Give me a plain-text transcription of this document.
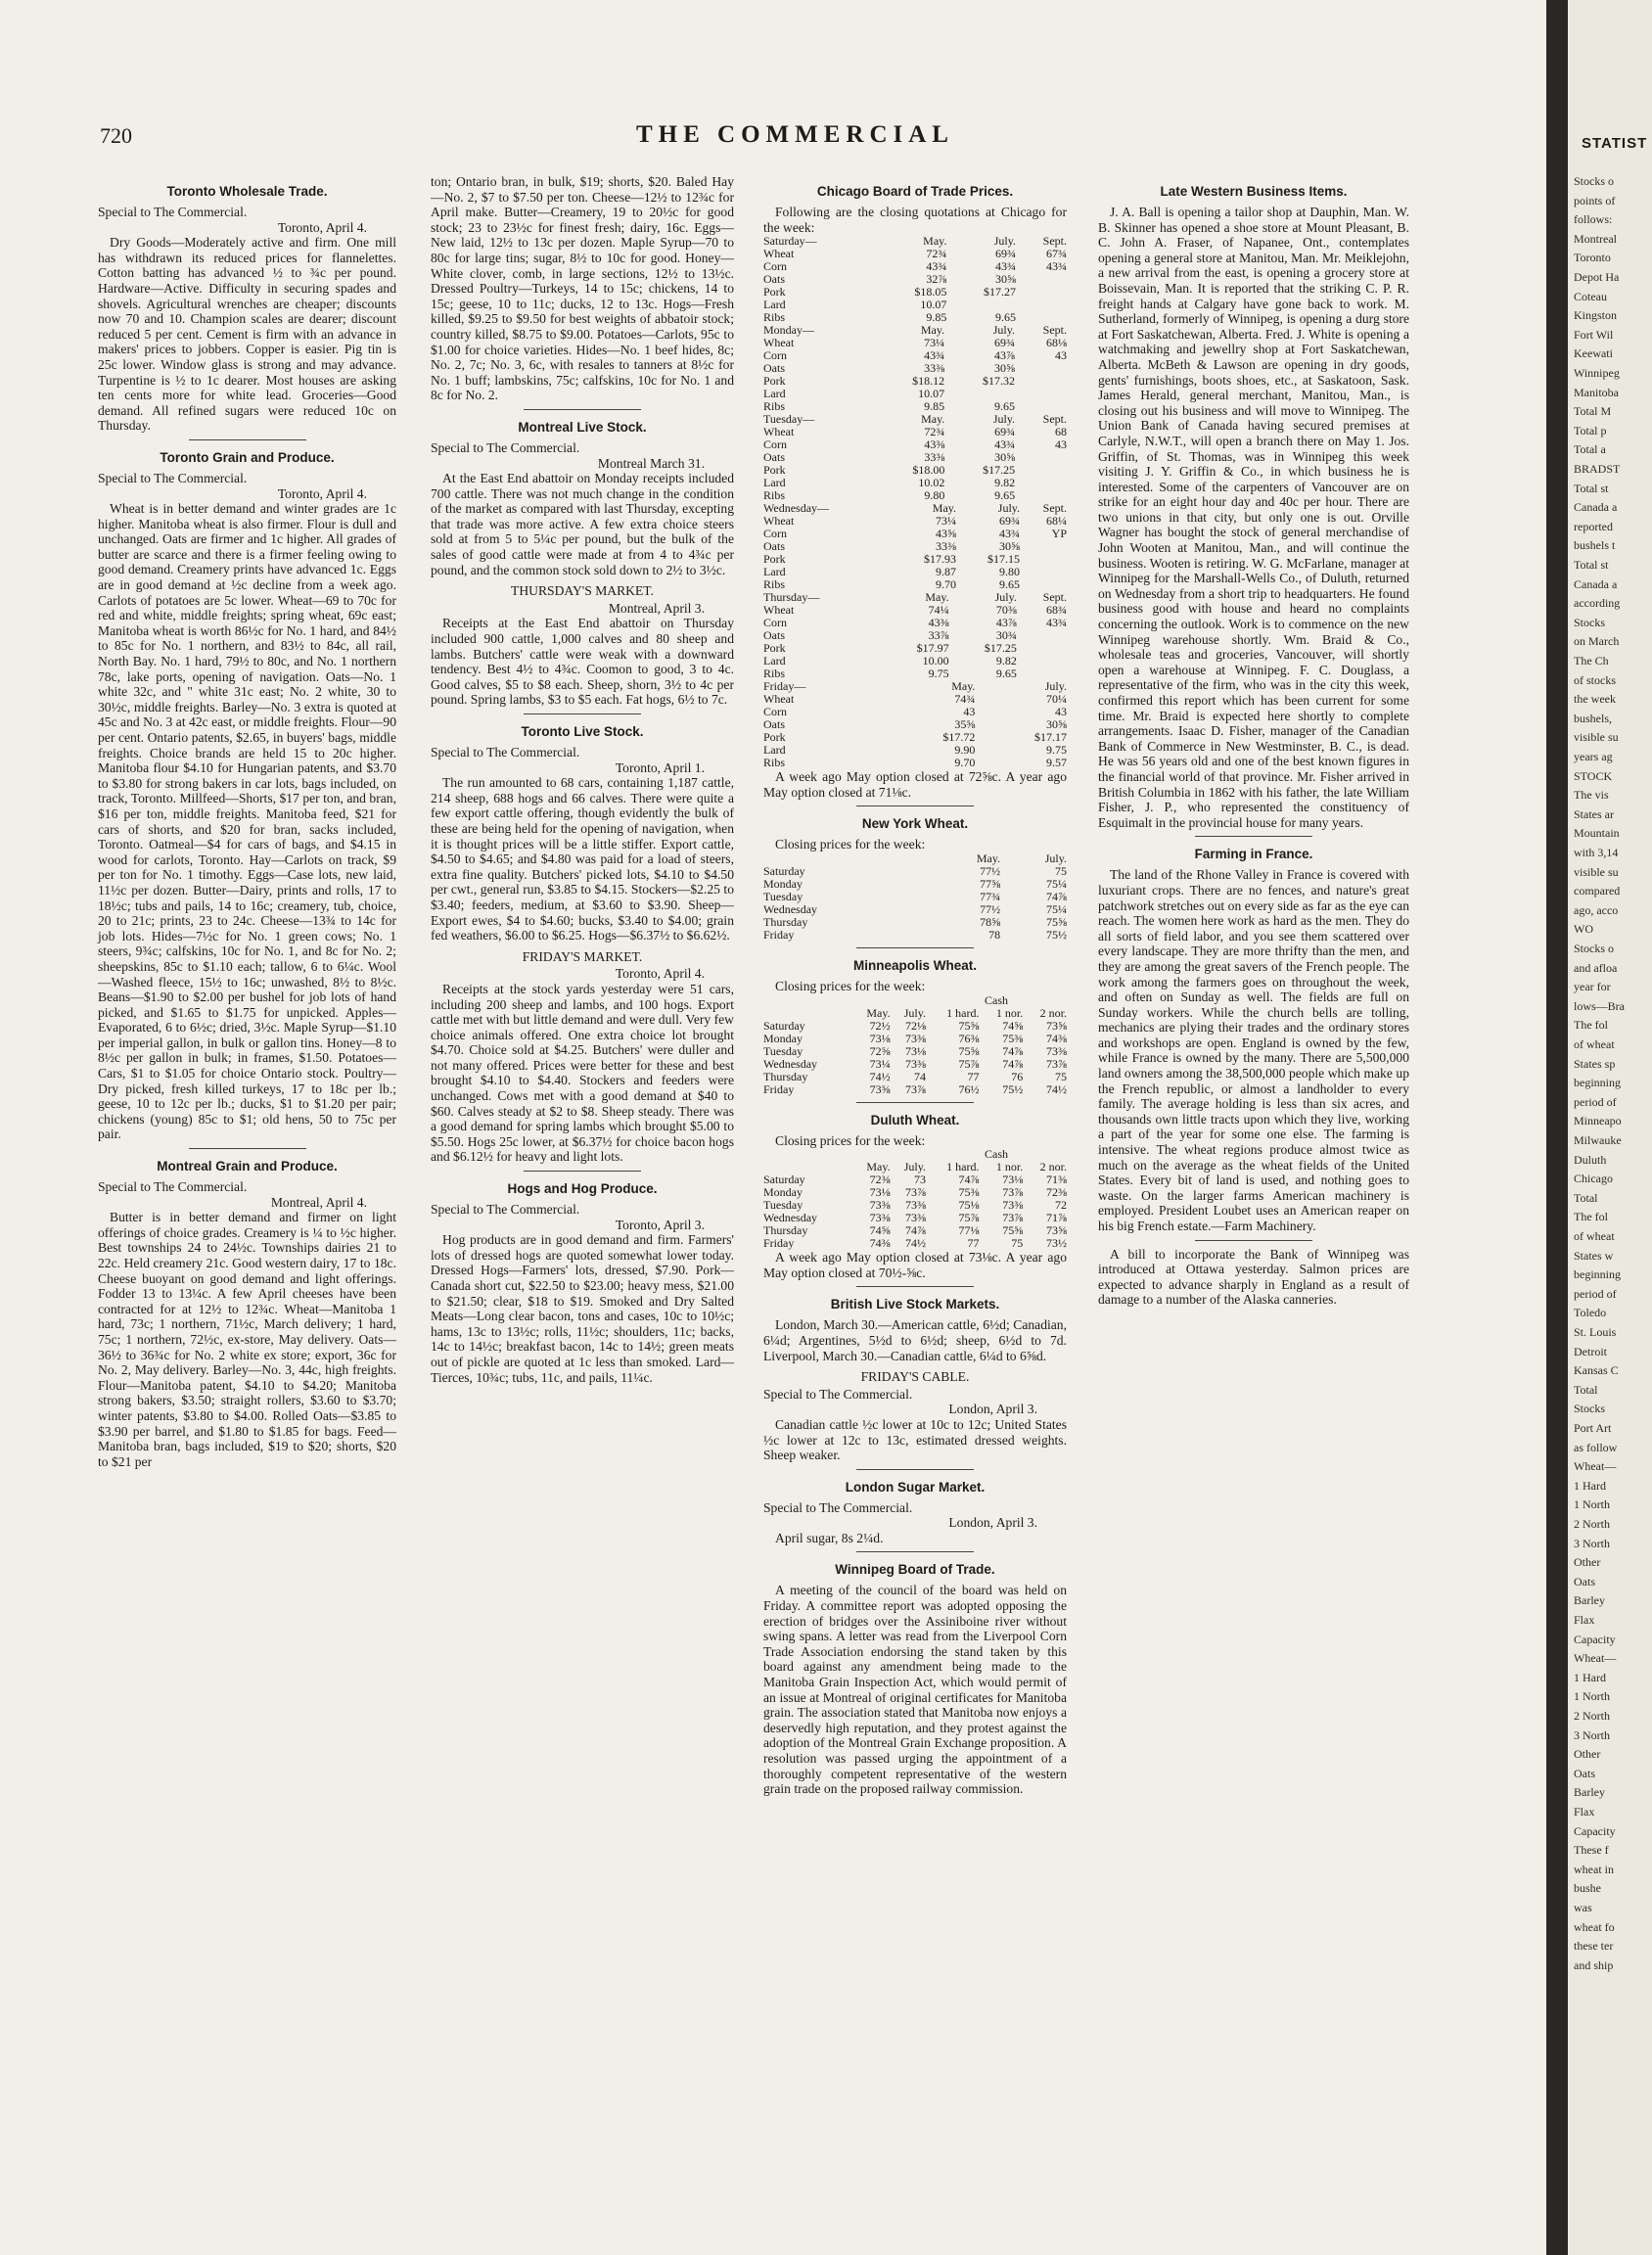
720	THE COMMERCIAL
Toronto Wholesale Trade.

Special to The Commercial.

Toronto, April 4.

Dry Goods—Moderately active and firm. One mill has withdrawn its reduced prices for flannelettes. Cotton batting has advanced ½ to ¾c per pound. Hardware—Active. Difficulty in securing spades and shovels. Agricultural wrenches are cheaper; discounts now 70 and 10. Champion scales are dearer; discount reduced 5 per cent. Cement is firm with an advance in makers' prices to jobbers. Copper is easier. Pig tin is 25c lower. Window glass is strong and may advance. Turpentine is ½ to 1c dearer. Most houses are asking ten cents more for white lead. Groceries—Good demand. All refined sugars were reduced 10c on Thursday.

Toronto Grain and Produce.

Special to The Commercial.

Toronto, April 4.

Wheat is in better demand and winter grades are 1c higher. Manitoba wheat is also firmer. Flour is dull and unchanged. Oats are firmer and 1c higher. All grades of butter are scarce and there is a firmer feeling owing to good demand. Creamery prints have advanced 1c. Eggs are in good demand at ½c decline from a week ago. Carlots of potatoes are 5c lower. Wheat—69 to 70c for red and white, middle freights; spring wheat, 69c east; Manitoba wheat is worth 86½c for No. 1 hard, and 84½ to 85c for No. 1 northern, and 83½ to 84c, all rail, North Bay. No. 1 hard, 79½ to 80c, and No. 1 northern 78c, lake ports, opening of navigation. Oats—No. 1 white 32c, and " white 31c east; No. 2 white, 30 to 30½c, middle freights. Barley—No. 3 extra is quoted at 45c and No. 3 at 42c east, or middle freights. Flour—90 per cent. Ontario patents, $2.65, in buyers' bags, middle freights. Choice brands are held 15 to 20c higher. Manitoba flour $4.10 for Hungarian patents, and $3.70 to $3.80 for strong bakers in car lots, bags included, on track, Toronto. Millfeed—Shorts, $17 per ton, and bran, $16 per ton, middle freights. Manitoba feed, $21 for cars of shorts, and $20 for bran, sacks included, Toronto. Oatmeal—$4 for cars of bags, and $4.15 in wood for carlots, Toronto. Hay—Carlots on track, $9 per ton for No. 1 timothy. Eggs—Case lots, new laid, 11½c per dozen. Butter—Dairy, prints and rolls, 17 to 18½c; tubs and pails, 14 to 16c; creamery, tub, choice, 20 to 21c; prints, 23 to 24c. Cheese—13¾ to 14c for job lots. Hides—7½c for No. 1 green cows; No. 1 steers, 9¾c; calfskins, 10c for No. 1, and 8c for No. 2; sheepskins, 85c to $1.10 each; tallow, 6 to 6¼c. Wool—Washed fleece, 15½ to 16c; unwashed, 8½ to 8½c. Beans—$1.90 to $2.00 per bushel for job lots of hand picked, and $1.65 to $1.75 for unpicked. Apples—Evaporated, 6 to 6½c; dried, 3½c. Maple Syrup—$1.10 per imperial gallon, in bulk or gallon tins. Honey—8 to 8½c per gallon in bulk; in frames, $1.50. Potatoes—Cars, $1 to $1.05 for choice Ontario stock. Poultry—Dry picked, fresh killed turkeys, 17 to 18c per lb.; geese, 10 to 12c per lb.; ducks, $1 to $1.20 per pair; chickens (young) 85c to $1; old hens, 50 to 75c per pair.

Montreal Grain and Produce.

Special to The Commercial.

Montreal, April 4.

Butter is in better demand and firmer on light offerings of choice grades. Creamery is ¼ to ½c higher. Best townships 24 to 24½c. Townships dairies 21 to 22c. Held creamery 21c. Good western dairy, 17 to 18c. Cheese buoyant on good demand and light offerings. Fodder 13 to 13¼c. A few April cheeses have been contracted for at 12½ to 12¾c. Wheat—Manitoba 1 hard, 73c; 1 northern, 71½c, March delivery; 1 hard, 75c; 1 northern, 72½c, ex-store, May delivery. Oats—36½ to 36¾c for No. 2 white ex store; export, 36c for No. 2, May delivery. Barley—No. 3, 44c, high freights. Flour—Manitoba patent, $4.10 to $4.20; Manitoba strong bakers, $3.50; straight rollers, $3.60 to $3.70; winter patents, $3.80 to $4.00. Rolled Oats—$3.85 to $3.90 per barrel, and $1.80 to $1.85 for bags. Feed—Manitoba bran, bags included, $19 to $20; shorts, $20 to $21 per

ton; Ontario bran, in bulk, $19; shorts, $20. Baled Hay—No. 2, $7 to $7.50 per ton. Cheese—12½ to 12¾c for April make. Butter—Creamery, 19 to 20½c for good stock; 23 to 23½c for finest fresh; dairy, 16c. Eggs—New laid, 12½ to 13c per dozen. Maple Syrup—70 to 80c for large tins; sugar, 8½ to 10c for good. Honey—White clover, comb, in large sections, 12½ to 13½c. Dressed Poultry—Turkeys, 14 to 15c; chickens, 14 to 15c; geese, 10 to 11c; ducks, 12 to 13c. Hogs—Fresh killed, $9.25 to $9.50 for best weights of abbatoir stock; country killed, $8.75 to $9.00. Potatoes—Carlots, 95c to $1.00 for choice varieties. Hides—No. 1 beef hides, 8c; No. 2, 7c; No. 3, 6c, with resales to tanners at 8½c for No. 1 buff; lambskins, 75c; calfskins, 10c for No. 1 and 8c for No. 2.

Montreal Live Stock.

Special to The Commercial.

Montreal March 31.

At the East End abattoir on Monday receipts included 700 cattle. There was not much change in the condition of the market as compared with last Thursday, excepting that trade was more active. A few extra choice steers sold at from 5 to 5¼c per pound, but the bulk of the sales of good cattle were made at from 4 to 4¾c per pound, and the common stock sold down to 2½ to 3½c.

THURSDAY'S MARKET.

Montreal, April 3.

Receipts at the East End abattoir on Thursday included 900 cattle, 1,000 calves and 80 sheep and lambs. Butchers' cattle were weak with a downward tendency. Best 4½ to 4¾c. Coomon to good, 3 to 4c. Good calves, $5 to $8 each. Sheep, shorn, 3½ to 4c per pound. Spring lambs, $3 to $5 each. Fat hogs, 6½ to 7c.

Toronto Live Stock.

Special to The Commercial.

Toronto, April 1.

The run amounted to 68 cars, containing 1,187 cattle, 214 sheep, 688 hogs and 66 calves. There were quite a few export cattle offering, though evidently the bulk of these are being held for the opening of navigation, when it is thought prices will be a little stiffer. Export cattle, $4.50 to $4.65; and $4.80 was paid for a load of steers, extra fine quality. Butchers' picked lots, $4.10 to $4.50 per cwt., general run, $3.85 to $4.15. Stockers—$2.25 to $3.40; feeders, medium, at $3.60 to $3.90. Sheep—Export ewes, $4 to $4.60; bucks, $3.40 to $4.00; grain fed weathers, $6.00 to $6.25. Hogs—$6.37½ to $6.62½.

FRIDAY'S MARKET.

Toronto, April 4.

Receipts at the stock yards yesterday were 51 cars, including 200 sheep and lambs, and 100 hogs. Export cattle met with but little demand and were dull. Very few choice animals offered. One extra choice lot brought $4.70. Choice sold at $4.25. Butchers' were duller and not many offered. Prices were better for these and best brought $4.10 to $4.40. Stockers and feeders were unchanged. Cows met with a good demand at $40 to $60. Calves steady at $2 to $8. Sheep steady. There was a good demand for spring lambs which brought $5.00 to $5.50. Hogs 25c lower, at $6.37½ for choice bacon hogs and $6.12½ for heavy and light lots.

Hogs and Hog Produce.

Special to The Commercial.

Toronto, April 3.

Hog products are in good demand and firm. Farmers' lots of dressed hogs are quoted somewhat lower today. Dressed Hogs—Farmers' lots, dressed, $7.90. Pork—Canada short cut, $22.50 to $23.00; heavy mess, $21.00 to $21.50; clear, $18 to $19. Smoked and Dry Salted Meats—Long clear bacon, tons and cases, 10c to 10½c; hams, 13c to 13½c; rolls, 11½c; shoulders, 11c; backs, 14c to 14½c; breakfast bacon, 14c to 14½; green meats out of pickle are quoted at 1c less than smoked. Lard—Tierces, 10¾c; tubs, 11c, and pails, 11¼c.

Chicago Board of Trade Prices.

Following are the closing quotations at Chicago for the week:

Saturday—	May.	July.	Sept.
Wheat	72¾	69¾	67¾
Corn	43¾	43¾	43¾
Oats	32⅞	30⅝	
Pork	$18.05	$17.27	
Lard	10.07		
Ribs	9.85	9.65	
Monday—	May.	July.	Sept.
Wheat	73¼	69¾	68⅛
Corn	43¾	43⅞	43
Oats	33⅜	30⅝	
Pork	$18.12	$17.32	
Lard	10.07		
Ribs	9.85	9.65	
Tuesday—	May.	July.	Sept.
Wheat	72¾	69¾	68
Corn	43⅜	43¾	43
Oats	33⅜	30⅝	
Pork	$18.00	$17.25	
Lard	10.02	9.82	
Ribs	9.80	9.65	
Wednesday—	May.	July.	Sept.
Wheat	73¼	69¾	68¼
Corn	43⅝	43¾	YP
Oats	33⅜	30⅝	
Pork	$17.93	$17.15	
Lard	9.87	9.80	
Ribs	9.70	9.65	
Thursday—	May.	July.	Sept.
Wheat	74¼	70⅜	68¾
Corn	43⅜	43⅞	43¾
Oats	33⅞	30¾	
Pork	$17.97	$17.25	
Lard	10.00	9.82	
Ribs	9.75	9.65	
Friday—		May.	July.
Wheat		74¾	70¼
Corn		43	43
Oats		35⅝	30⅝
Pork		$17.72	$17.17
Lard		9.90	9.75
Ribs		9.70	9.57

A week ago May option closed at 72⅝c. A year ago May option closed at 71⅛c.

New York Wheat.

Closing prices for the week:

	May.	July.
Saturday	77½	75
Monday	77⅝	75¼
Tuesday	77¾	74⅞
Wednesday	77½	75¼
Thursday	78⅝	75⅝
Friday	78	75½
Minneapolis Wheat.

Closing prices for the week:

			Cash		
	May.	July.	1 hard.	1 nor.	2 nor.
Saturday	72½	72⅛	75⅝	74⅝	73⅝
Monday	73⅛	73⅜	76⅜	75⅜	74⅜
Tuesday	72⅝	73⅛	75⅝	74⅞	73⅜
Wednesday	73¼	73⅜	75⅞	74⅞	73⅞
Thursday	74½	74	77	76	75
Friday	73⅝	73⅞	76½	75½	74½
Duluth Wheat.

Closing prices for the week:

			Cash		
	May.	July.	1 hard.	1 nor.	2 nor.
Saturday	72⅜	73	74⅞	73⅛	71⅜
Monday	73⅛	73⅞	75⅜	73⅞	72⅜
Tuesday	73⅜	73⅜	75⅛	73⅜	72
Wednesday	73⅜	73⅜	75⅞	73⅞	71⅞
Thursday	74⅝	74⅞	77⅛	75⅝	73⅝
Friday	74⅜	74½	77	75	73½

A week ago May option closed at 73⅛c. A year ago May option closed at 70½-⅝c.

British Live Stock Markets.

London, March 30.—American cattle, 6½d; Canadian, 6¼d; Argentines, 5½d to 6½d; sheep, 6½d to 7d. Liverpool, March 30.—Canadian cattle, 6¼d to 6⅝d.

FRIDAY'S CABLE.

Special to The Commercial.

London, April 3.

Canadian cattle ½c lower at 10c to 12c; United States ½c lower at 12c to 13c, estimated dressed weights. Sheep weaker.

London Sugar Market.

Special to The Commercial.

London, April 3.

April sugar, 8s 2¼d.

Winnipeg Board of Trade.

A meeting of the council of the board was held on Friday. A committee report was adopted opposing the erection of bridges over the Assiniboine river without swing spans. A letter was read from the Liverpool Corn Trade Association endorsing the stand taken by this board against any amendment being made to the Manitoba Grain Inspection Act, which would permit of an issue at Montreal of original certificates for Manitoba grain. The association stated that Manitoba now enjoys a deservedly high reputation, and they protest against the adoption of the Montreal Grain Exchange proposition. A resolution was passed urging the appointment of a thoroughly competent representative of the western grain trade on the proposed railway commission.

Late Western Business Items.

J. A. Ball is opening a tailor shop at Dauphin, Man. W. B. Skinner has opened a shoe store at Mount Pleasant, B. C. John A. Fraser, of Napanee, Ont., contemplates opening a general store at Manitou, Man. Mr. Meiklejohn, a new arrival from the east, is opening a grocery store at Boissevain, Man. It is reported that the striking C. P. R. freight hands at Calgary have gone back to work. M. Sutherland, formerly of Winnipeg, is opening a durg store at Fort Saskatchewan, Alberta. Fred. J. White is opening a watchmaking and jewellry shop at Fort Saskatchewan, Alberta. McBeth & Lawson are opening in dry goods, gents' furnishings, boots shoes, etc., at Saskatoon, Sask. James Herald, general merchant, Manitou, Man., is closing out his business and will move to Winnipeg. The Union Bank of Canada having secured premises at Carlyle, N.W.T., will open a branch there on May 1. Jos. Griffin, of St. Thomas, was in Winnipeg this week visiting J. Y. Griffin & Co., in which business he is interested. Some of the carpenters of Vancouver are on strike for an eight hour day and 40c per hour. There are two unions in that city, but only one is out. Orville Wagner has bought the stock of general merchandise of John Wooten at Manitou, Man., and will continue the business. Wooten is retiring. W. G. McFarlane, manager at Winnipeg for the Marshall-Wells Co., of Duluth, returned on Wednesday from a short trip to headquarters. He found business good with house and heard no complaints concerning the outlook. Work is to commence on the new Winnipeg warehouse shortly. Wm. Braid & Co., wholesale teas and groceries, Vancouver, will shortly open a warehouse at Winnipeg. F. C. Douglass, a representative of the firm, who was in the city this week, confirmed this report which has been current for some time. Mr. Braid is expected here shortly to complete arrangements. Isaac D. Fisher, manager of the Canadian Bank of Commerce in New Westminster, B. C., is dead. He was 56 years old and one of the best known figures in the financial world of that province. Mr. Fisher arrived in British Columbia in 1862 with his father, the late William Fisher, J. P., who represented the constituency of Esquimalt in the provincial house for many years.

Farming in France.

The land of the Rhone Valley in France is covered with luxuriant crops. There are no fences, and nature's great patchwork stretches out on every side as far as the eye can reach. The women here work as hard as the men. They do all sorts of field labor, and you see them scattered over every landscape. They are more thrifty than the men, and they are among the great savers of the French people. The work among the farmers goes on throughout the week, and often on Sunday as well. The fields are full on Sunday workers. While the church bells are tolling, mechanics are plying their trades and the ordinary stores and workshops are open. England is owned by the few, while France is owned by the many. There are 5,500,000 land owners among the 38,500,000 people which make up the French republic, or almost a landholder to every family. The average holding is less than six acres, and thousands own little tracts upon which they live, working a part of the year for some one else. The farming is intensive. The wheat regions produce almost twice as much on the average as the wheat fields of the United States. Every bit of land is used, and nothing goes to waste. On the larger farms American machinery is employed. President Loubet uses an American reaper on his big French estate.—Farm Machinery.

A bill to incorporate the Bank of Winnipeg was introduced at Ottawa yesterday. Salmon prices are expected to advance sharply in England as a result of damage to a number of the Alaska canneries.

STATIST
Stocks o
points of
follows:
Montreal
Toronto
Depot Ha
Coteau
Kingston
Fort Wil
Keewati
Winnipeg
Manitoba
Total M
Total p
Total a
BRADST
Total st
Canada a
reported
bushels t
Total st
Canada a
according
Stocks
on March
The Ch
of stocks
the week
bushels,
visible su
years ag
STOCK
The vis
States ar
Mountain
with 3,14
visible su
compared
ago, acco
WO
Stocks o
and afloa
year for
lows—Bra
The fol
of wheat
States sp
beginning
period of
Minneapo
Milwauke
Duluth
Chicago
Total
The fol
of wheat
States w
beginning
period of
Toledo
St. Louis
Detroit
Kansas C
Total
Stocks
Port Art
as follow
Wheat—
1 Hard
1 North
2 North
3 North
Other
Oats
Barley
Flax
Capacity
Wheat—
1 Hard
1 North
2 North
3 North
Other
Oats
Barley
Flax
Capacity
These f
wheat in
bushe
was
wheat fo
these ter
and ship
